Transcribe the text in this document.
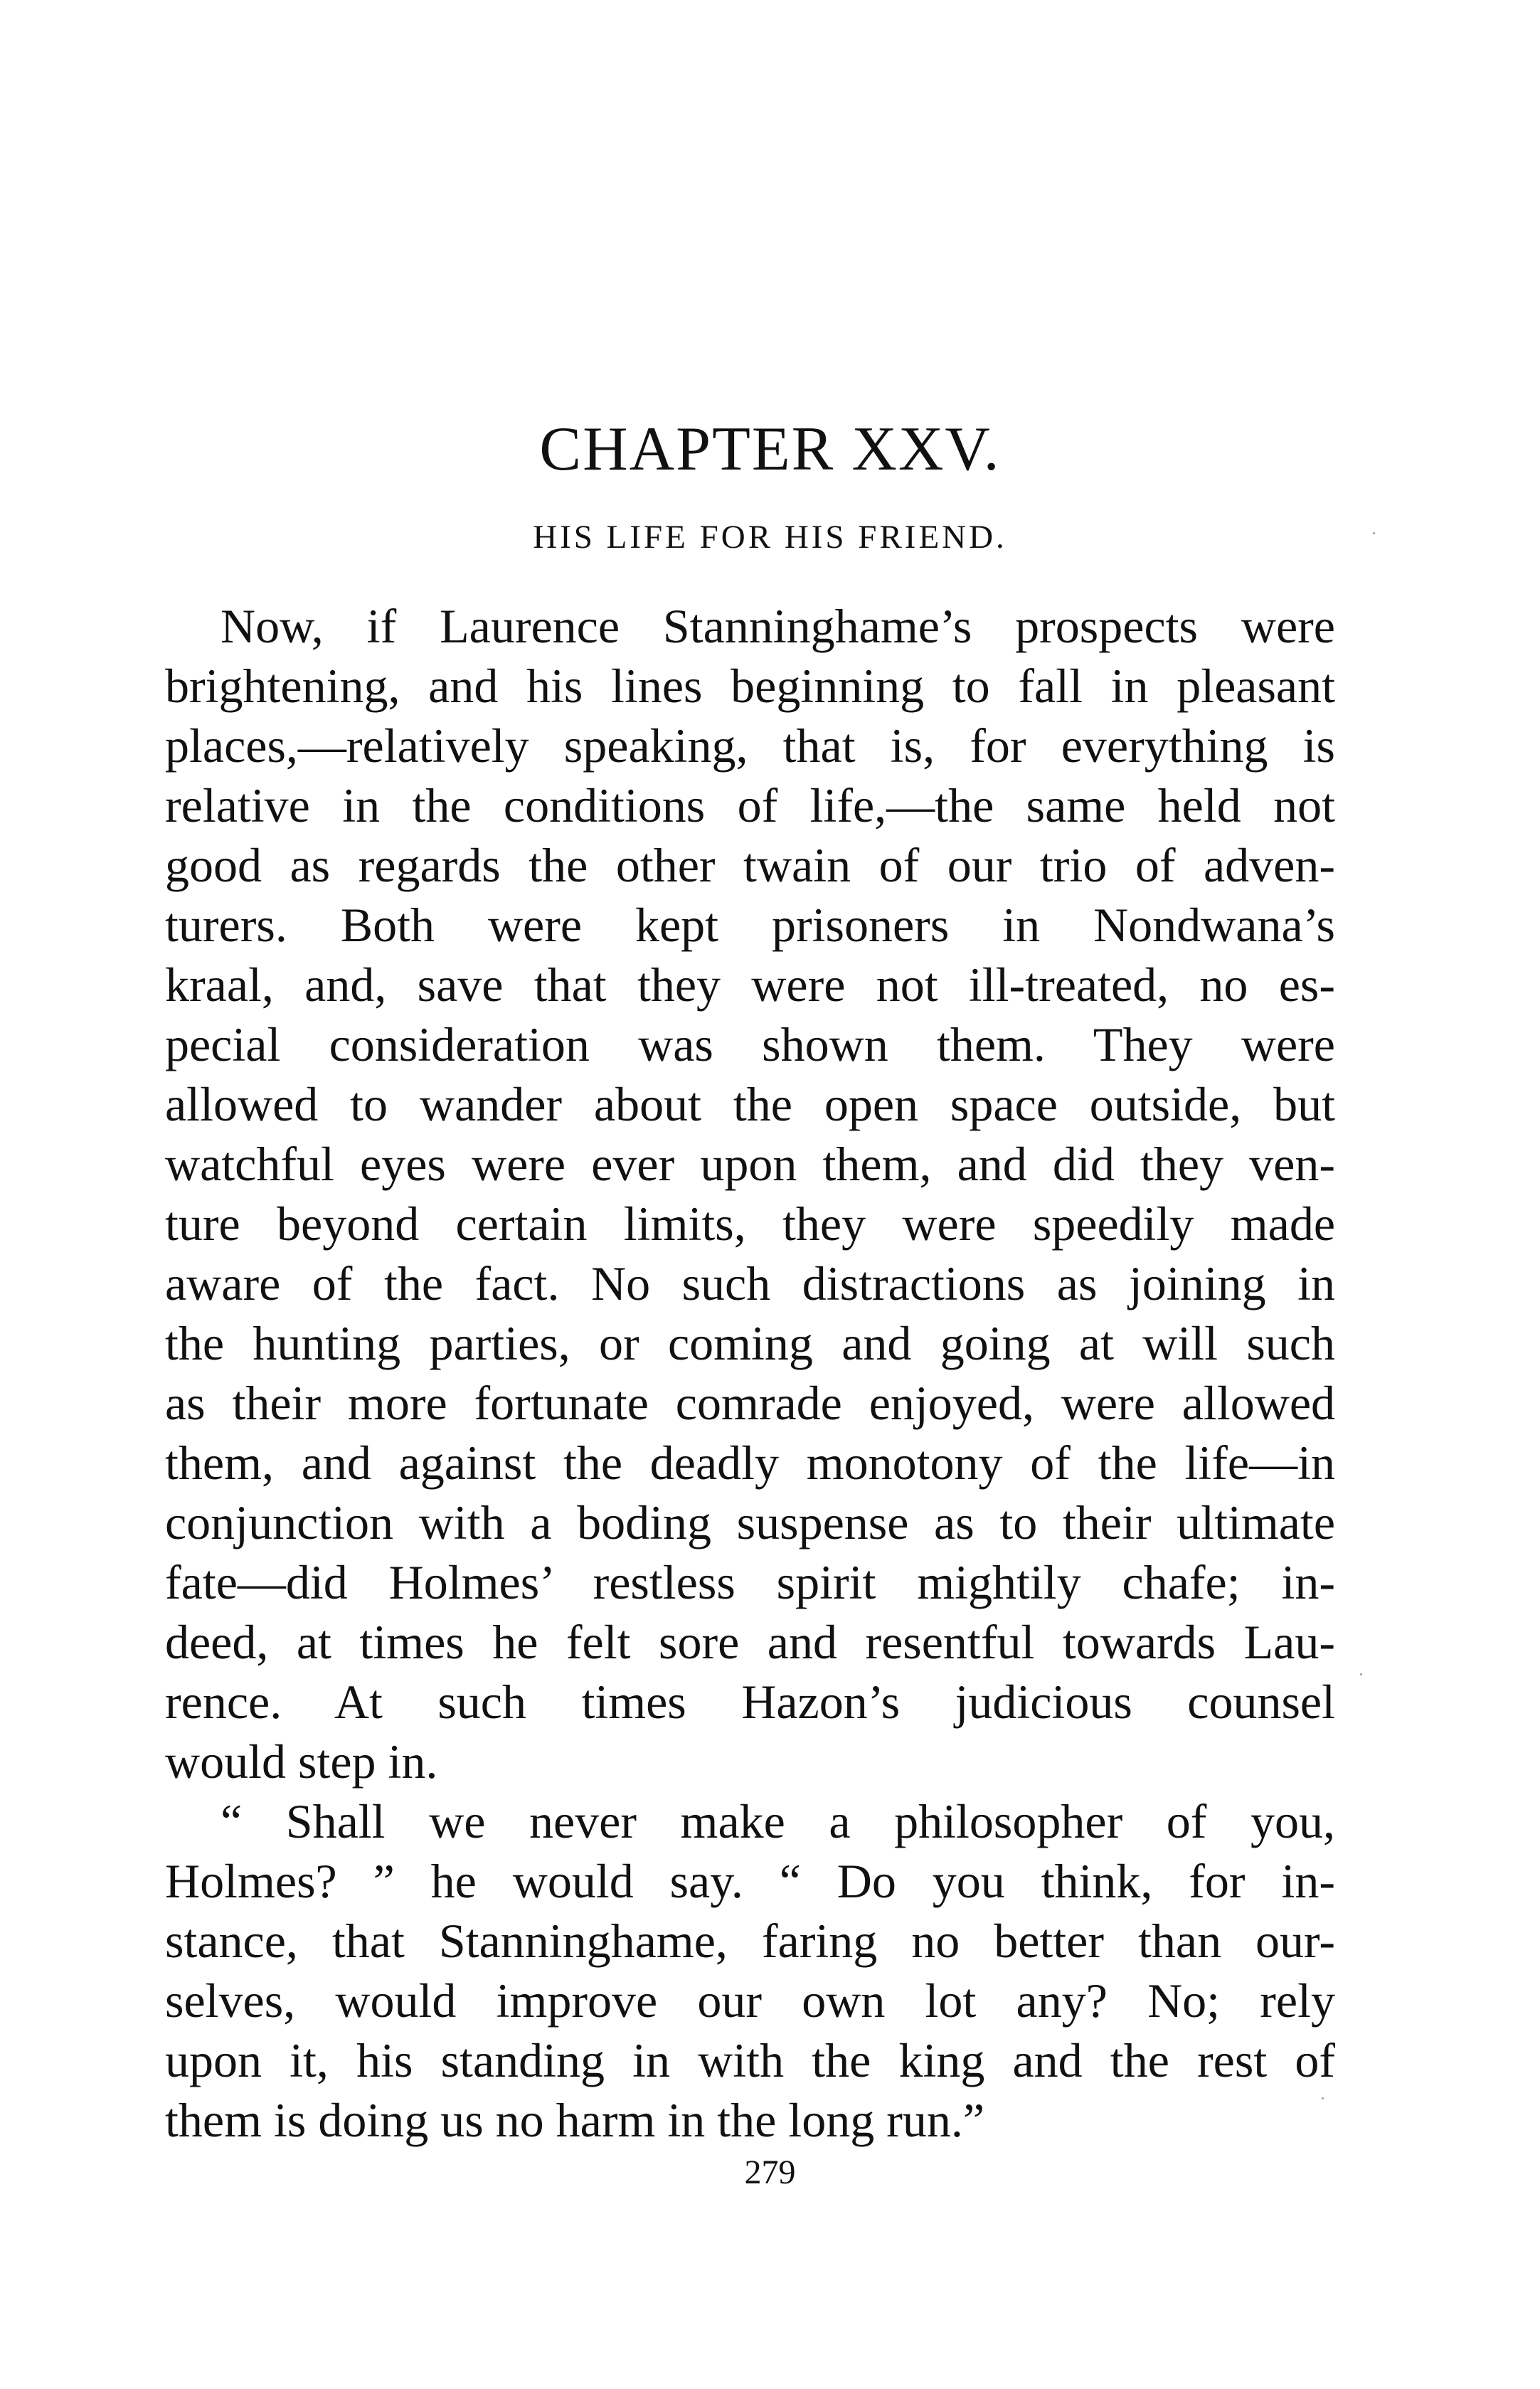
CHAPTER XXV.
HIS LIFE FOR HIS FRIEND.
Now, if Laurence Stanninghame’s prospects were
brightening, and his lines beginning to fall in pleasant
places,—relatively speaking, that is, for everything is
relative in the conditions of life,—the same held not
good as regards the other twain of our trio of adven-
turers. Both were kept prisoners in Nondwana’s
kraal, and, save that they were not ill-treated, no es-
pecial consideration was shown them. They were
allowed to wander about the open space outside, but
watchful eyes were ever upon them, and did they ven-
ture beyond certain limits, they were speedily made
aware of the fact. No such distractions as joining in
the hunting parties, or coming and going at will such
as their more fortunate comrade enjoyed, were allowed
them, and against the deadly monotony of the life—in
conjunction with a boding suspense as to their ultimate
fate—did Holmes’ restless spirit mightily chafe; in-
deed, at times he felt sore and resentful towards Lau-
rence. At such times Hazon’s judicious counsel
would step in.
“ Shall we never make a philosopher of you,
Holmes? ” he would say. “ Do you think, for in-
stance, that Stanninghame, faring no better than our-
selves, would improve our own lot any? No; rely
upon it, his standing in with the king and the rest of
them is doing us no harm in the long run.”
279
